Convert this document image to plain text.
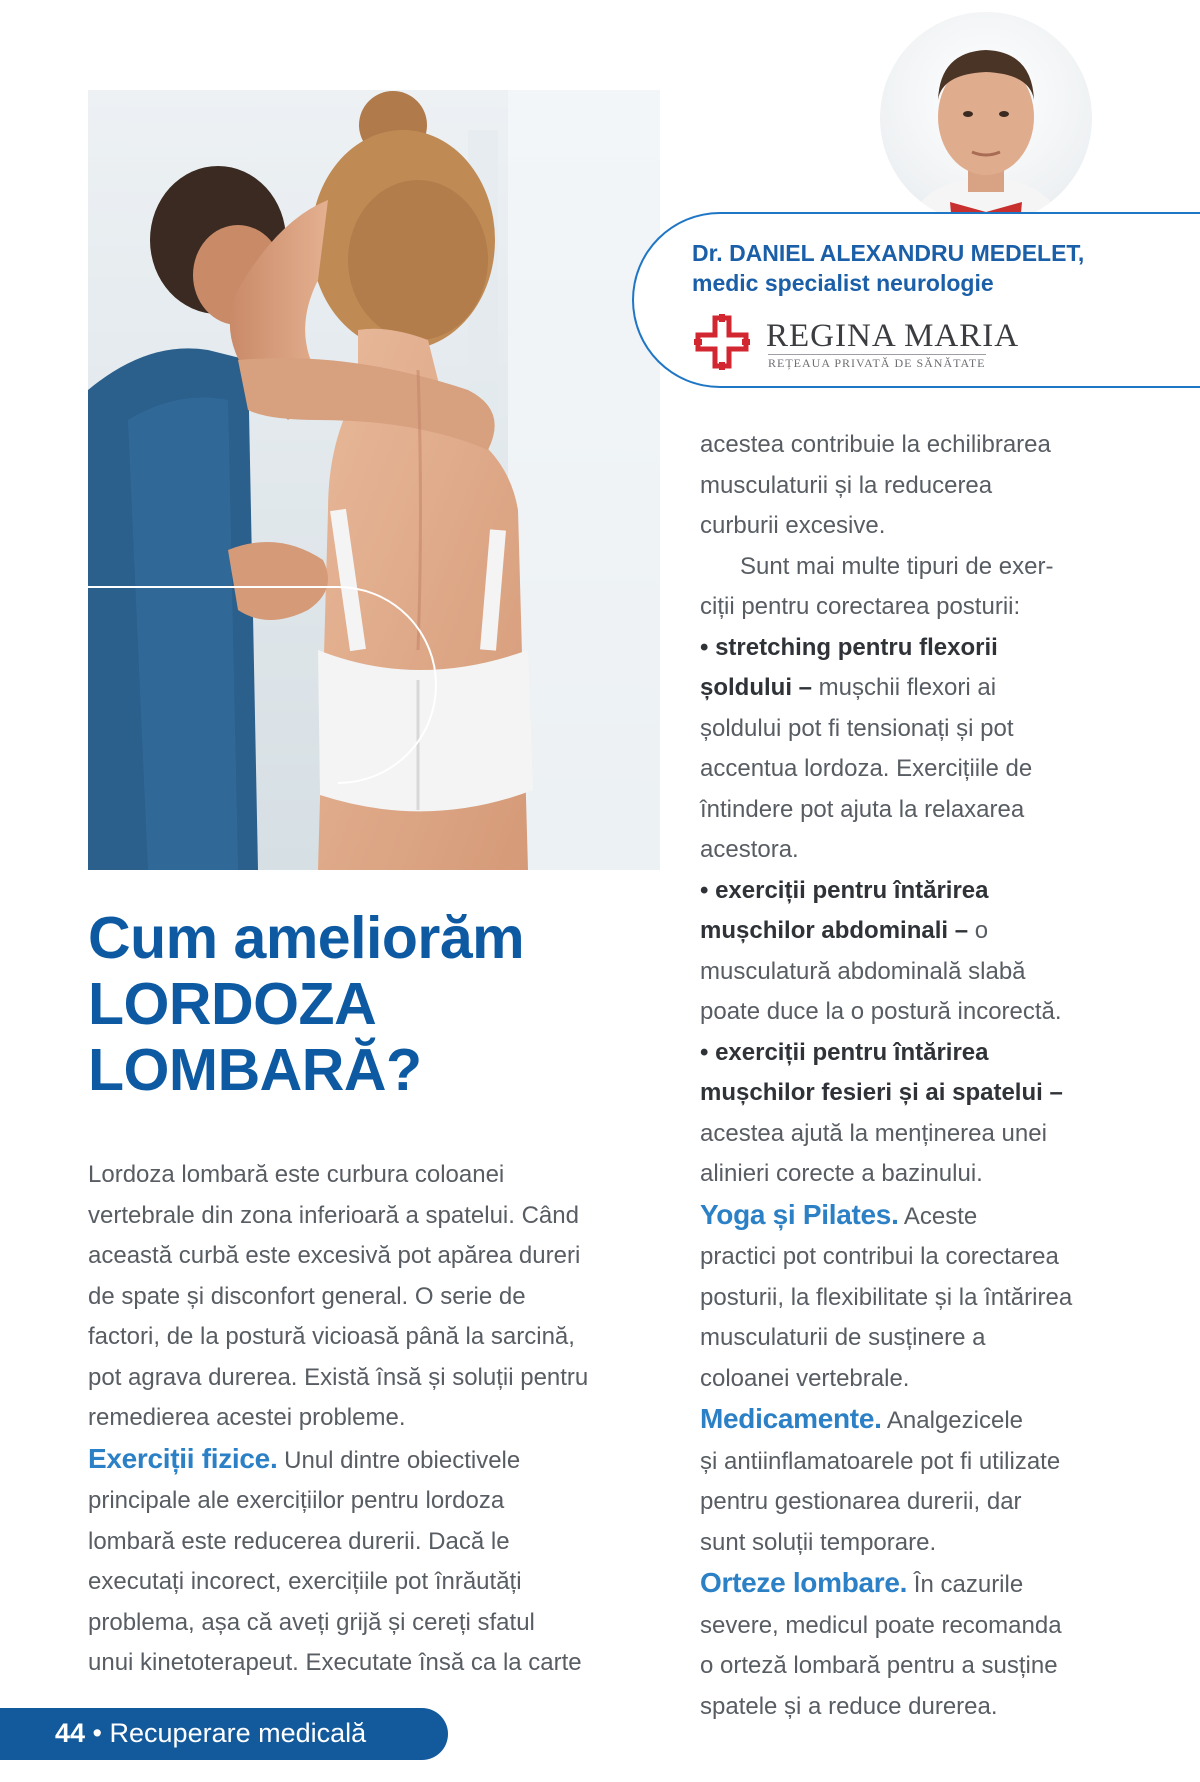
Dr. DANIEL ALEXANDRU MEDELET,
medic specialist neurologie
REGINA MARIA
REȚEAUA PRIVATĂ DE SĂNĂTATE
Cum ameliorăm
LORDOZA
LOMBARĂ?

Lordoza lombară este curbura coloanei
vertebrale din zona inferioară a spatelui. Când
această curbă este excesivă pot apărea dureri
de spate și disconfort general. O serie de
factori, de la postură vicioasă până la sarcină,
pot agrava durerea. Există însă și soluții pentru
remedierea acestei probleme.

Exerciții fizice. Unul dintre obiectivele
principale ale exercițiilor pentru lordoza
lombară este reducerea durerii. Dacă le
executați incorect, exercițiile pot înrăutăți
problema, așa că aveți grijă și cereți sfatul
unui kinetoterapeut. Executate însă ca la carte

acestea contribuie la echilibrarea
musculaturii și la reducerea
curburii excesive.

Sunt mai multe tipuri de exer-
ciții pentru corectarea posturii:

• stretching pentru flexorii
șoldului – mușchii flexori ai
șoldului pot fi tensionați și pot
accentua lordoza. Exercițiile de
întindere pot ajuta la relaxarea
acestora.

• exerciții pentru întărirea
mușchilor abdominali – o
musculatură abdominală slabă
poate duce la o postură incorectă.

• exerciții pentru întărirea
mușchilor fesieri și ai spatelui –
acestea ajută la menținerea unei
alinieri corecte a bazinului.

Yoga și Pilates. Aceste
practici pot contribui la corectarea
posturii, la flexibilitate și la întărirea
musculaturii de susținere a
coloanei vertebrale.

Medicamente. Analgezicele
și antiinflamatoarele pot fi utilizate
pentru gestionarea durerii, dar
sunt soluții temporare.

Orteze lombare. În cazurile
severe, medicul poate recomanda
o orteză lombară pentru a susține
spatele și a reduce durerea.

44 • Recuperare medicală
